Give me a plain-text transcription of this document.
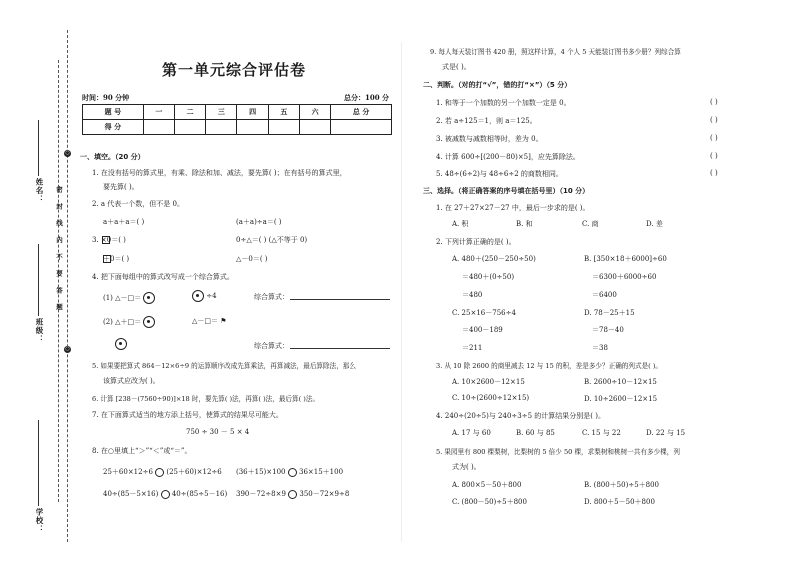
○
○
姓名：
班级：
学校：
密 封 线 内 不 要 答 题
第一单元综合评估卷
时间：90 分钟	总分：100 分
题 号	一	二	三	四	五	六	总 分
得 分							
一、填空。（20 分）
1. 在没有括号的算式里，有乘、除法和加、减法，要先算( )；在有括号的算式里，
要先算( )。
2. a 代表一个数，但不是 0。
a＋a＋a＝( )	(a＋a)÷a＝( )
3. ×0＝( )	0÷△＝( ) (△不等于 0)
＋0＝( )	△－0＝( )
4. 把下面每组中的算式改写成一个综合算式。
(1) △－□＝	÷4	综合算式：
(2) △＋□＝	△－□＝ ⚑
综合算式：
5. 如果要把算式 864－12×6÷9 的运算顺序改成先算乘法，再算减法，最后算除法，那么
该算式应改为( )。
6. 计算 [238－(7560÷90)]×18 时，要先算( )法，再算( )法，最后算( )法。
7. 在下面算式适当的地方添上括号，使算式的结果尽可能大。
750 ÷ 30 － 5 × 4
8. 在○里填上“＞”“＜”或“＝”。
25＋60×12÷6 (25＋60)×12÷6 (36＋15)×100 36×15＋100
40÷(85－5×16) 40÷(85÷5－16) 390－72÷8×9 350－72×9÷8
9. 每人每天装订图书 420 册，照这样计算，4 个人 5 天能装订图书多少册？列综合算
式是( )。
二、判断。（对的打“√”，错的打“×”）（5 分）
1. 和等于一个加数的另一个加数一定是 0。	( )
2. 若 a÷125＝1，则 a＝125。	( )
3. 被减数与减数相等时，差为 0。	( )
4. 计算 600÷[(200－80)×5]，应先算除法。	( )
5. 48÷(6÷2)与 48÷6÷2 的商数相同。	( )
三、选择。（将正确答案的序号填在括号里）（10 分）
1. 在 27＋27×27－27 中，最后一步求的是( )。
A. 积	B. 和	C. 商	D. 差
2. 下列计算正确的是( )。
A. 480＋(250－250÷50)
＝480＋(0÷50)
＝480
B. [350×18＋6000]÷60
＝6300＋6000÷60
＝6400
C. 25×16－756÷4
＝400－189
＝211
D. 78－25＋15
＝78－40
＝38
3. 从 10 除 2600 的商里减去 12 与 15 的积，差是多少？正确的列式是( )。
A. 10×2600－12×15	B. 2600÷10－12×15
C. 10÷(2600÷12×15)	D. 10÷2600－12×15
4. 240÷(20÷5)与 240÷3÷5 的计算结果分别是( )。
A. 17 与 60	B. 60 与 85	C. 15 与 22	D. 22 与 15
5. 果园里有 800 棵梨树，比梨树的 5 倍少 50 棵，求梨树和桃树一共有多少棵，列
式为( )。
A. 800×5－50＋800	B. (800＋50)÷5＋800
C. (800－50)÷5＋800	D. 800＋5－50＋800
